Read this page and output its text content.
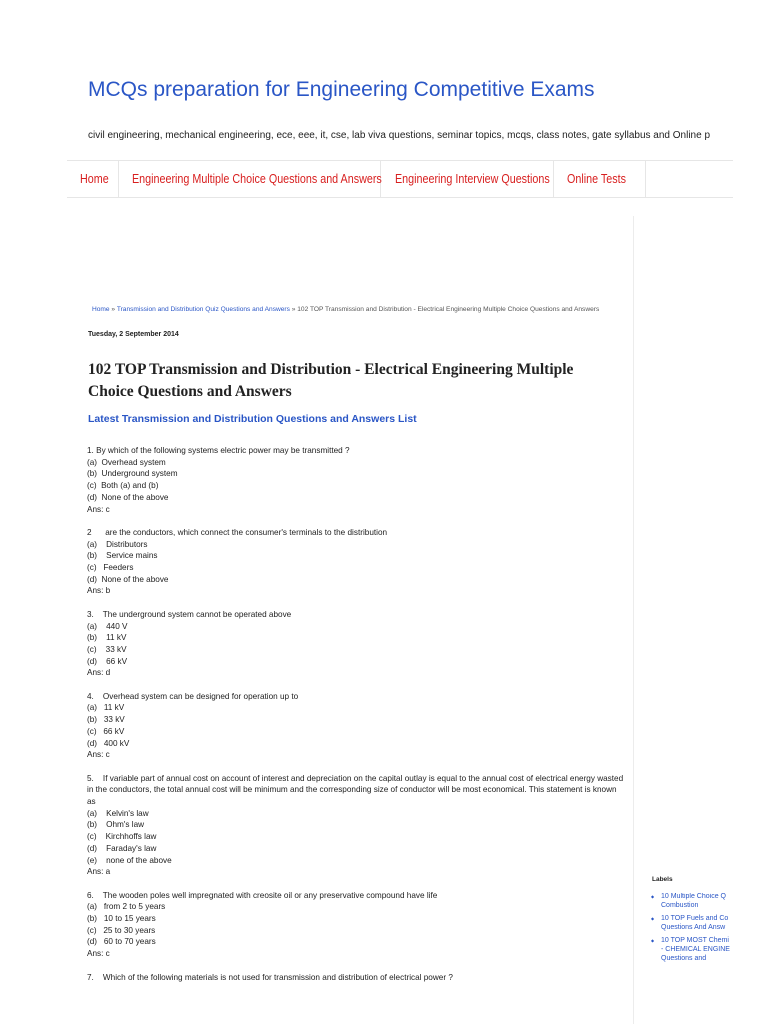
MCQs preparation for Engineering Competitive Exams
civil engineering, mechanical engineering, ece, eee, it, cse, lab viva questions, seminar topics, mcqs, class notes, gate syllabus and Online p
Home Engineering Multiple Choice Questions and Answers Engineering Interview Questions Online Tests
Home » Transmission and Distribution Quiz Questions and Answers » 102 TOP Transmission and Distribution - Electrical Engineering Multiple Choice Questions and Answers
Tuesday, 2 September 2014
102 TOP Transmission and Distribution - Electrical Engineering Multiple Choice Questions and Answers
Latest Transmission and Distribution Questions and Answers List
1. By which of the following systems electric power may be transmitted ?
(a)  Overhead system
(b)  Underground system
(c)  Both (a) and (b)
(d)  None of the above
Ans: c
2      are the conductors, which connect the consumer's terminals to the distribution
(a)    Distributors
(b)    Service mains
(c)   Feeders
(d)  None of the above
Ans: b
3.    The underground system cannot be operated above
(a)    440 V
(b)    11 kV
(c)    33 kV
(d)    66 kV
Ans: d
4.    Overhead system can be designed for operation up to
(a)   11 kV
(b)   33 kV
(c)   66 kV
(d)   400 kV
Ans: c
5.    If variable part of annual cost on account of interest and depreciation on the capital outlay is equal to the annual cost of electrical energy wasted in the conductors, the total annual cost will be minimum and the corresponding size of conductor will be most economical. This statement is known as
(a)    Kelvin's law
(b)    Ohm's law
(c)    Kirchhoffs law
(d)    Faraday's law
(e)    none of the above
Ans: a
6.    The wooden poles well impregnated with creosite oil or any preservative compound have life
(a)   from 2 to 5 years
(b)   10 to 15 years
(c)   25 to 30 years
(d)   60 to 70 years
Ans: c
7.    Which of the following materials is not used for transmission and distribution of electrical power ?
Labels
◆ 10 Multiple Choice Q
Combustion
◆ 10 TOP Fuels and Co
Questions And Answ
◆ 10 TOP MOST Chemi
- CHEMICAL ENGINE
Questions and
